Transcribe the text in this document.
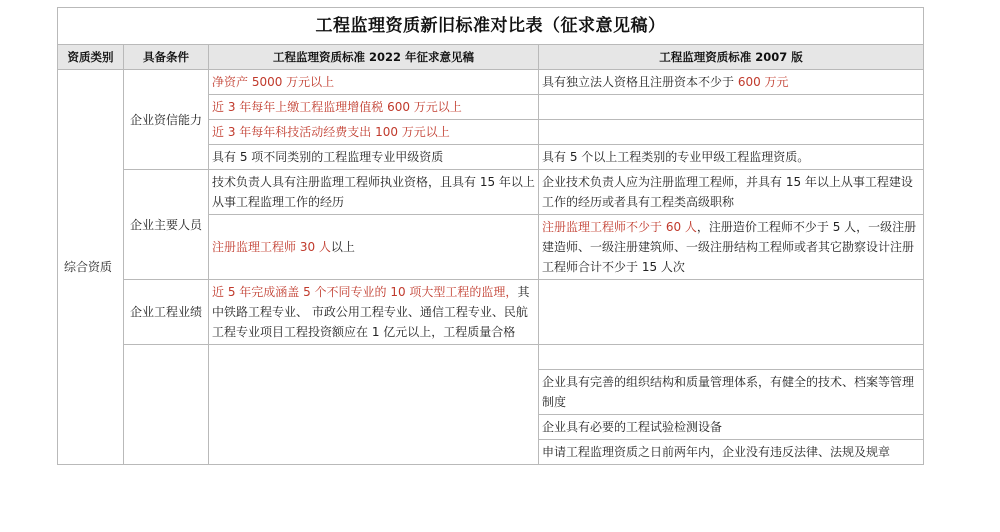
工程监理资质新旧标准对比表（征求意见稿）			
资质类别	具备条件	工程监理资质标准 2022 年征求意见稿	工程监理资质标准 2007 版
综合资质	企业资信能力	净资产 5000 万元以上	具有独立法人资格且注册资本不少于 600 万元
		近 3 年每年上缴工程监理增值税 600 万元以上	
		近 3 年每年科技活动经费支出 100 万元以上	
		具有 5 项不同类别的工程监理专业甲级资质	具有 5 个以上工程类别的专业甲级工程监理资质。
	企业主要人员	技术负责人具有注册监理工程师执业资格，且具有 15 年以上从事工程监理工作的经历	企业技术负责人应为注册监理工程师，并具有 15 年以上从事工程建设工作的经历或者具有工程类高级职称
		注册监理工程师 30 人以上	注册监理工程师不少于 60 人，注册造价工程师不少于 5 人，一级注册建造师、一级注册建筑师、一级注册结构工程师或者其它勘察设计注册工程师合计不少于 15 人次
	企业工程业绩	近 5 年完成涵盖 5 个不同专业的 10 项大型工程的监理，其中铁路工程专业、 市政公用工程专业、通信工程专业、民航工程专业项目工程投资额应在 1 亿元以上，工程质量合格	

			企业具有完善的组织结构和质量管理体系，有健全的技术、档案等管理制度
			企业具有必要的工程试验检测设备
			申请工程监理资质之日前两年内，企业没有违反法律、法规及规章
